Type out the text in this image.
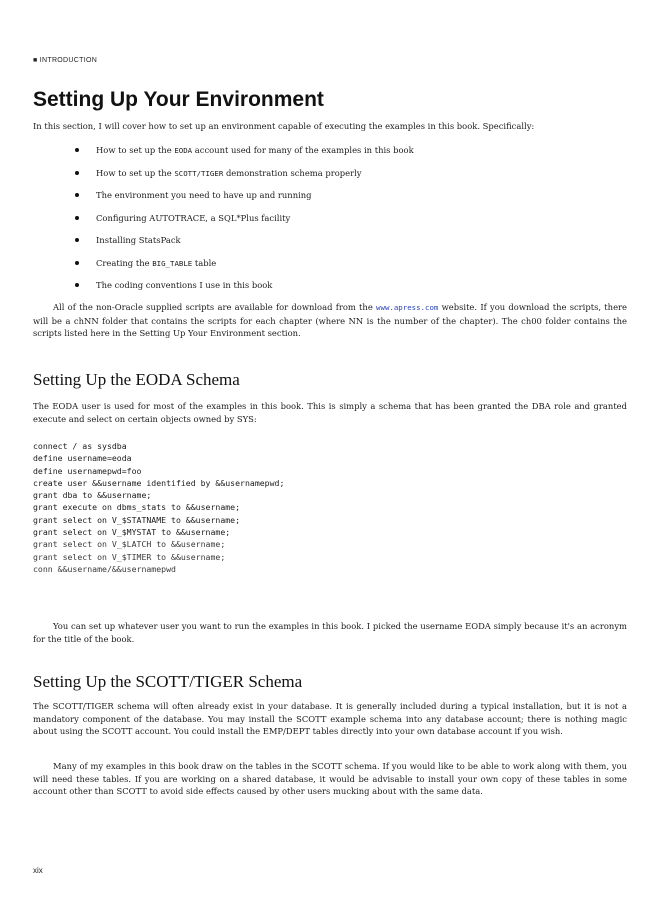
■ INTRODUCTION
Setting Up Your Environment

In this section, I will cover how to set up an environment capable of executing the examples in this book. Specifically:

How to set up the EODA account used for many of the examples in this book
How to set up the SCOTT/TIGER demonstration schema properly
The environment you need to have up and running
Configuring AUTOTRACE, a SQL*Plus facility
Installing StatsPack
Creating the BIG_TABLE table
The coding conventions I use in this book

All of the non-Oracle supplied scripts are available for download from the www.apress.com website. If you download the scripts, there will be a chNN folder that contains the scripts for each chapter (where NN is the number of the chapter). The ch00 folder contains the scripts listed here in the Setting Up Your Environment section.

Setting Up the EODA Schema

The EODA user is used for most of the examples in this book. This is simply a schema that has been granted the DBA role and granted execute and select on certain objects owned by SYS:

connect / as sysdba
define username=eoda
define usernamepwd=foo
create user &&username identified by &&usernamepwd;
grant dba to &&username;
grant execute on dbms_stats to &&username;
grant select on V_$STATNAME to &&username;
grant select on V_$MYSTAT to &&username;
grant select on V_$LATCH to &&username;
grant select on V_$TIMER to &&username;
conn &&username/&&usernamepwd

You can set up whatever user you want to run the examples in this book. I picked the username EODA simply because it's an acronym for the title of the book.

Setting Up the SCOTT/TIGER Schema

The SCOTT/TIGER schema will often already exist in your database. It is generally included during a typical installation, but it is not a mandatory component of the database. You may install the SCOTT example schema into any database account; there is nothing magic about using the SCOTT account. You could install the EMP/DEPT tables directly into your own database account if you wish.

Many of my examples in this book draw on the tables in the SCOTT schema. If you would like to be able to work along with them, you will need these tables. If you are working on a shared database, it would be advisable to install your own copy of these tables in some account other than SCOTT to avoid side effects caused by other users mucking about with the same data.

xix
